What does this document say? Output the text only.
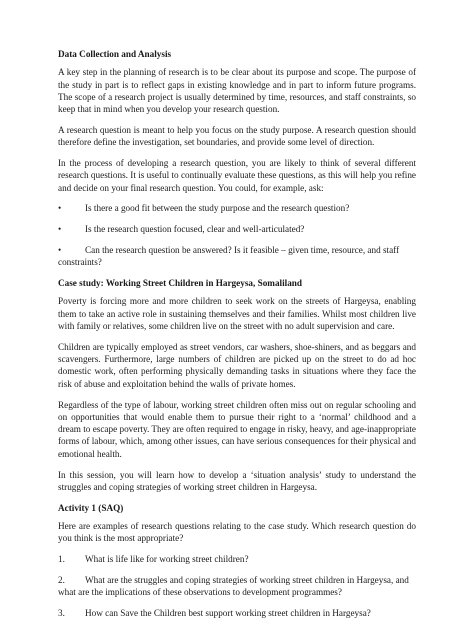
Data Collection and Analysis
A key step in the planning of research is to be clear about its purpose and scope. The purpose of the study in part is to reflect gaps in existing knowledge and in part to inform future programs. The scope of a research project is usually determined by time, resources, and staff constraints, so keep that in mind when you develop your research question.
A research question is meant to help you focus on the study purpose. A research question should therefore define the investigation, set boundaries, and provide some level of direction.
In the process of developing a research question, you are likely to think of several different research questions. It is useful to continually evaluate these questions, as this will help you refine and decide on your final research question. You could, for example, ask:
•	Is there a good fit between the study purpose and the research question?
•	Is the research question focused, clear and well-articulated?
•	Can the research question be answered? Is it feasible – given time, resource, and staff constraints?
Case study: Working Street Children in Hargeysa, Somaliland
Poverty is forcing more and more children to seek work on the streets of Hargeysa, enabling them to take an active role in sustaining themselves and their families. Whilst most children live with family or relatives, some children live on the street with no adult supervision and care.
Children are typically employed as street vendors, car washers, shoe-shiners, and as beggars and scavengers. Furthermore, large numbers of children are picked up on the street to do ad hoc domestic work, often performing physically demanding tasks in situations where they face the risk of abuse and exploitation behind the walls of private homes.
Regardless of the type of labour, working street children often miss out on regular schooling and on opportunities that would enable them to pursue their right to a ‘normal’ childhood and a dream to escape poverty. They are often required to engage in risky, heavy, and age-inappropriate forms of labour, which, among other issues, can have serious consequences for their physical and emotional health.
In this session, you will learn how to develop a ‘situation analysis’ study to understand the struggles and coping strategies of working street children in Hargeysa.
Activity 1 (SAQ)
Here are examples of research questions relating to the case study. Which research question do you think is the most appropriate?
1. What is life like for working street children?
2. What are the struggles and coping strategies of working street children in Hargeysa, and what are the implications of these observations to development programmes?
3. How can Save the Children best support working street children in Hargeysa?
